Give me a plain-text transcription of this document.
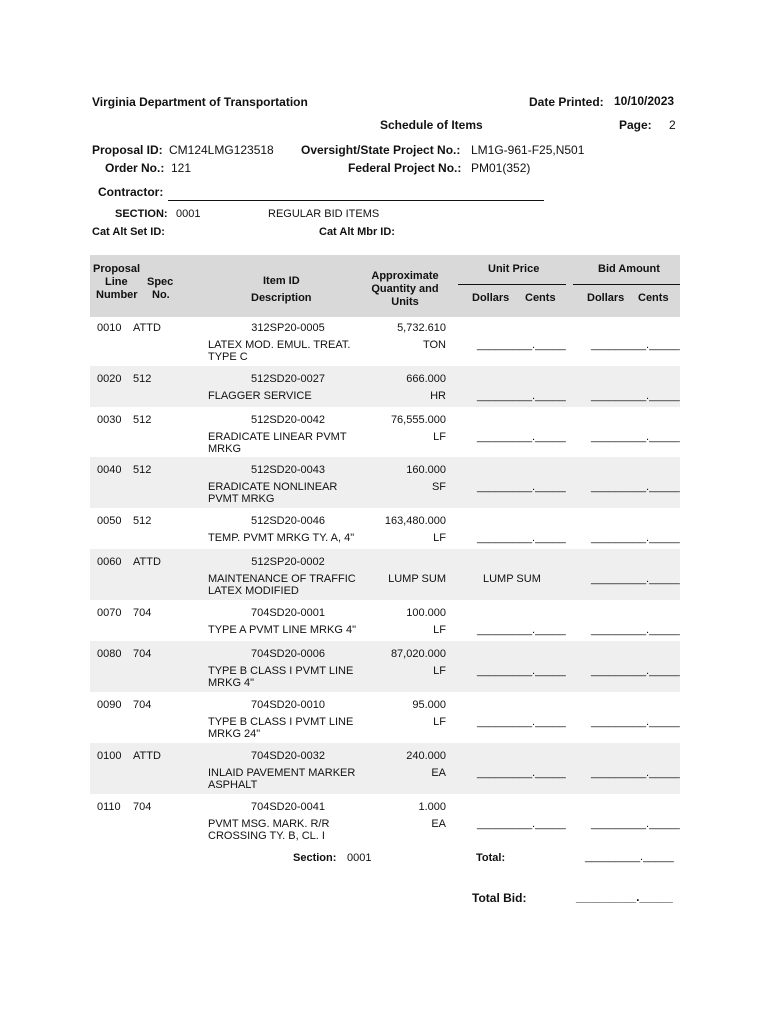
Virginia Department of Transportation	Date Printed: 10/10/2023
Schedule of Items	Page: 2
Proposal ID: CM124LMG123518
Order No.: 121
Oversight/State Project No.: LM1G-961-F25,N501
Federal Project No.: PM01(352)
Contractor:
SECTION: 0001	REGULAR BID ITEMS
Cat Alt Set ID:	Cat Alt Mbr ID:
Proposal
Line
Number
Spec
No.
Item ID
Description
Approximate
Quantity and
Units
Unit Price	Bid Amount
Dollars Cents	Dollars Cents
0010 ATTD	312SP20-0005
LATEX MOD. EMUL. TREAT.
TYPE C
5,732.610
TON	_________._____ _________._____
0020 512	512SD20-0027
FLAGGER SERVICE
666.000
HR	_________._____ _________._____
0030 512	512SD20-0042
ERADICATE LINEAR PVMT
MRKG
76,555.000
LF	_________._____ _________._____
0040 512	512SD20-0043
ERADICATE NONLINEAR
PVMT MRKG
160.000
SF	_________._____ _________._____
0050 512	512SD20-0046
TEMP. PVMT MRKG TY. A, 4"
163,480.000
LF	_________._____ _________._____
0060 ATTD	512SP20-0002
MAINTENANCE OF TRAFFIC
LATEX MODIFIED
LUMP SUM	LUMP SUM	_________._____
0070 704	704SD20-0001
TYPE A PVMT LINE MRKG 4"
100.000
LF	_________._____ _________._____
0080 704	704SD20-0006
TYPE B CLASS I PVMT LINE
MRKG 4"
87,020.000
LF	_________._____ _________._____
0090 704	704SD20-0010
TYPE B CLASS I PVMT LINE
MRKG 24"
95.000
LF	_________._____ _________._____
0100 ATTD	704SD20-0032
INLAID PAVEMENT MARKER
ASPHALT
240.000
EA	_________._____ _________._____
0110 704	704SD20-0041
PVMT MSG. MARK. R/R
CROSSING TY. B, CL. I
1.000
EA	_________._____ _________._____
Section: 0001	Total:	_________._____
Total Bid:	_________._____
